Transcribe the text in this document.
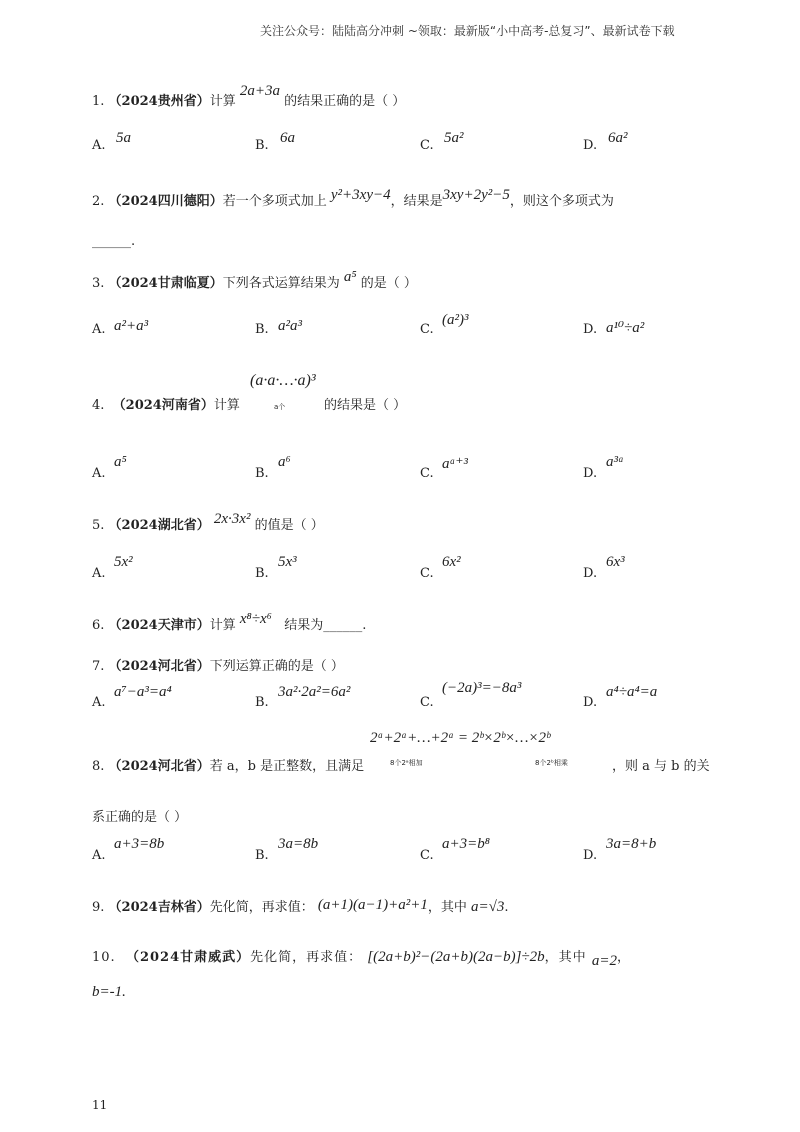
关注公众号：陆陆高分冲刺 ~领取：最新版“小中高考-总复习”、最新试卷下载
1. （2024贵州省）计算 2a+3a 的结果正确的是（ ）
A. 5a	B. 6a	C. 5a²	D. 6a²
2. （2024四川德阳）若一个多项式加上 y²+3xy−4，结果是3xy+2y²−5，则这个多项式为
______.
3. （2024甘肃临夏）下列各式运算结果为 a⁵ 的是（ ）
A. a²+a³	B. a²a³	C.
(a²)³
D. a¹⁰÷a²
4. （2024河南省）计算
(a·a·…·a)³
a个	的结果是（ ）
A.
a⁵
B.
a⁶
C.
aᵃ⁺³
D.
a³ᵃ
5. （2024湖北省） 2x·3x² 的值是（ ）
A.
5x²
B.
5x³
C.
6x²
D.
6x³
6. （2024天津市）计算 x⁸÷x⁶ 结果为______.
7. （2024河北省）下列运算正确的是（ ）
A.
a⁷−a³=a⁴
B.
3a²·2a²=6a²
C.
(−2a)³=−8a³
D.
a⁴÷a⁴=a
8. （2024河北省）若 a，b 是正整数，且满足
2ᵃ+2ᵃ+…+2ᵃ = 2ᵇ×2ᵇ×…×2ᵇ
8个2ᵃ相加	8个2ᵇ相乘	，则 a 与 b 的关
系正确的是（ ）
A.
a+3=8b
B.
3a=8b
C.
a+3=b⁸
D.
3a=8+b
9. （2024吉林省）先化简，再求值： (a+1)(a−1)+a²+1，其中 a=√3.
10. （2024甘肃威武）先化简，再求值： [(2a+b)²−(2a+b)(2a−b)]÷2b，其中 a=2，
b=-1.
11
